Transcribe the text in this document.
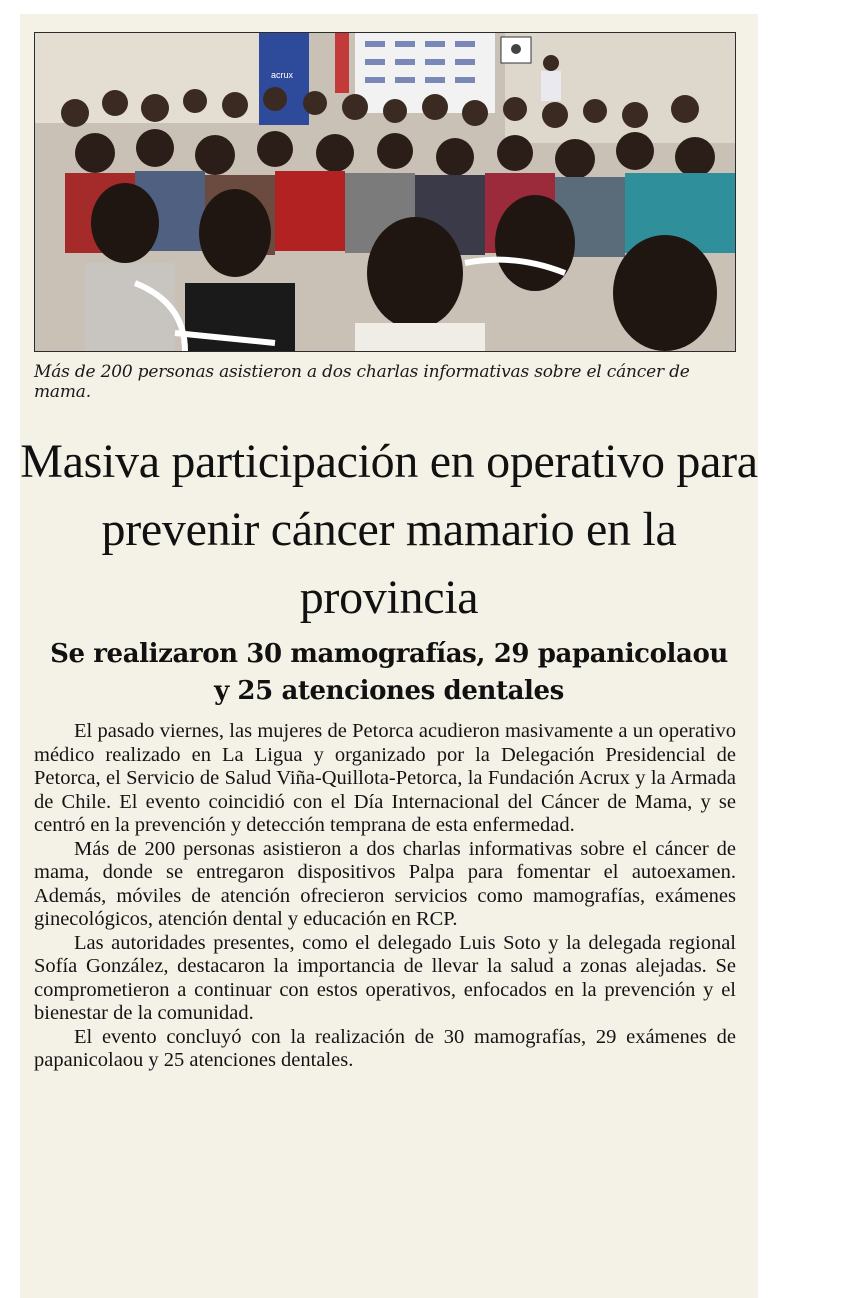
acrux
Más de 200 personas asistieron a dos charlas informativas sobre el cáncer de mama.
Masiva participación en operativo para prevenir cáncer mamario en la provincia
Se realizaron 30 mamografías, 29 papanicolaou y 25 atenciones dentales

El pasado viernes, las mujeres de Petorca acudieron masivamente a un operativo médico realizado en La Ligua y organizado por la Delegación Presidencial de Petorca, el Servicio de Salud Viña-Quillota-Petorca, la Fundación Acrux y la Armada de Chile. El evento coincidió con el Día Internacional del Cáncer de Mama, y se centró en la prevención y detección temprana de esta enfermedad.

Más de 200 personas asistieron a dos charlas informativas sobre el cáncer de mama, donde se entregaron dispositivos Palpa para fomentar el autoexamen. Además, móviles de atención ofrecieron servicios como mamografías, exámenes ginecológicos, atención dental y educación en RCP.

Las autoridades presentes, como el delegado Luis Soto y la delegada regional Sofía González, destacaron la importancia de llevar la salud a zonas alejadas. Se comprometieron a continuar con estos operativos, enfocados en la prevención y el bienestar de la comunidad.

El evento concluyó con la realización de 30 mamografías, 29 exámenes de papanicolaou y 25 atenciones dentales.
